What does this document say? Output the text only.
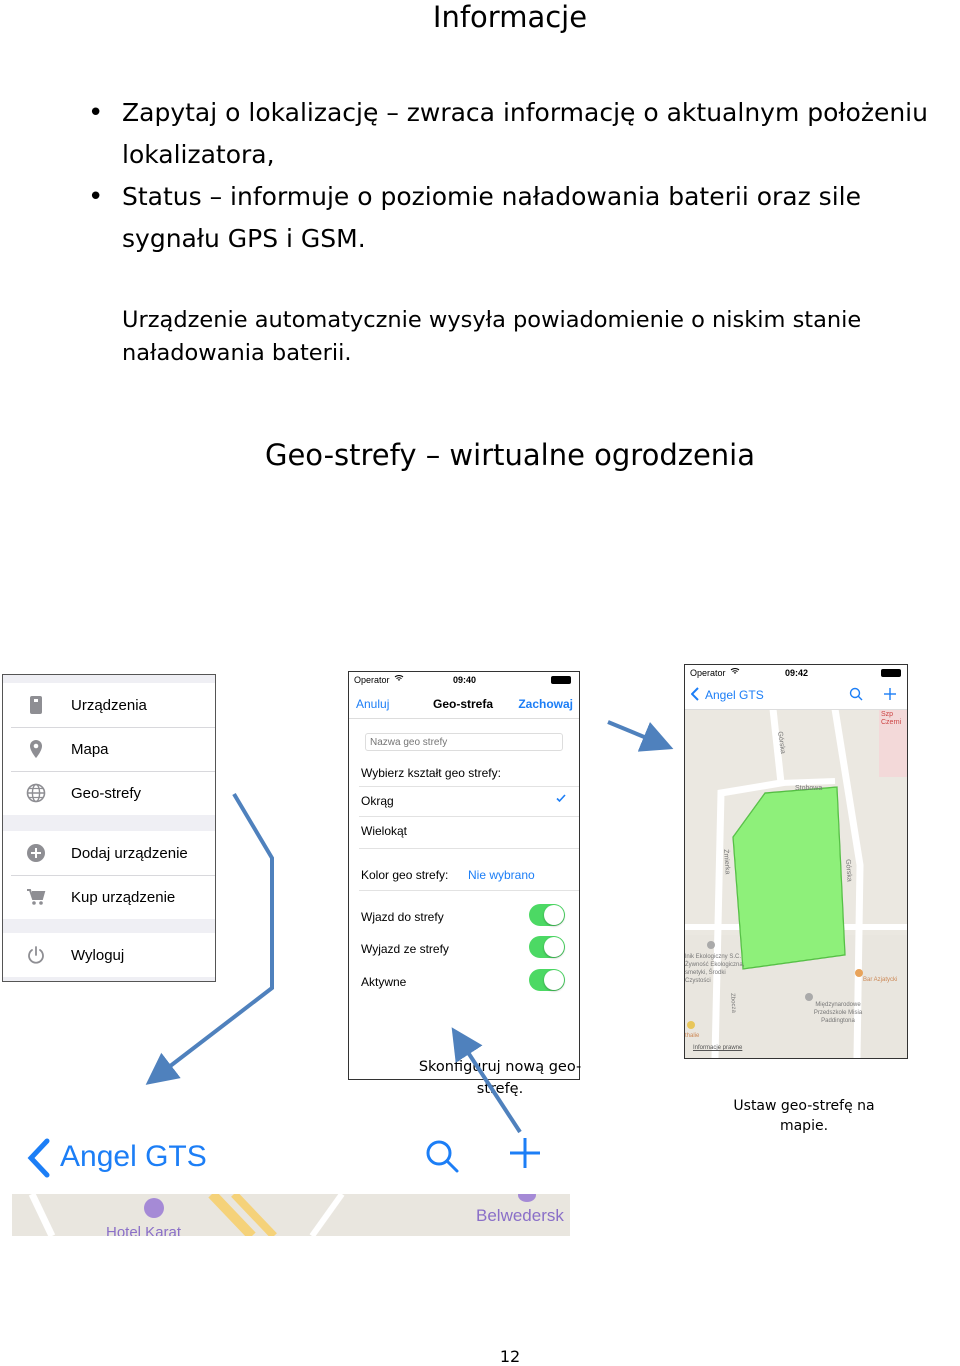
Informacje
• Zapytaj o lokalizację – zwraca informację o aktualnym położeniu lokalizatora,
• Status – informuje o poziomie naładowania baterii oraz sile sygnału GPS i GSM.
Urządzenie automatycznie wysyła powiadomienie o niskim stanie naładowania baterii.
Geo-strefy – wirtualne ogrodzenia
Urządzenia
Mapa
Geo-strefy
Dodaj urządzenie
Kup urządzenie
Wyloguj
Operator	09:40
Anuluj	Geo-strefa Zachowaj
Nazwa geo strefy
Wybierz kształt geo strefy:
Okrąg
Wielokąt
Kolor geo strefy: Nie wybrano
Wjazd do strefy
Wyjazd ze strefy
Aktywne
Górska
Stobowa
Żmierka	Górska
Szp Czerni
lnik Ekologiczny S.C. Żywność Ekologiczna, smetyki, Środki Czystości	Bar Azjatycki
Międzynarodowe Przedszkole Misia Paddingtona
Zbocza
thalie
Informacje prawne
Operator	09:42
Angel GTS
Skonfiguruj nową geo-strefę.
Ustaw geo-strefę na mapie.
Angel GTS
Hotel Karat
Belwedersk
12
